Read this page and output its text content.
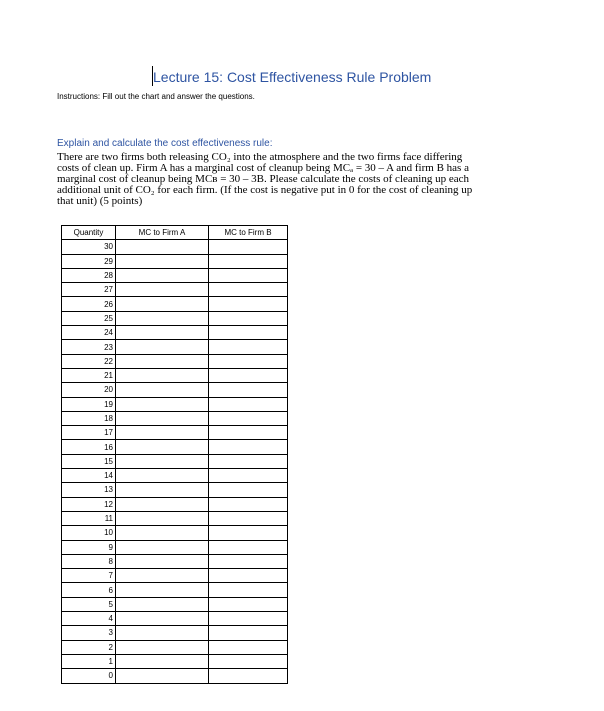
Lecture 15: Cost Effectiveness Rule Problem
Instructions: Fill out the chart and answer the questions.
Explain and calculate the cost effectiveness rule:
There are two firms both releasing CO₂ into the atmosphere and the two firms face differing
costs of clean up. Firm A has a marginal cost of cleanup being MCₐ = 30 – A and firm B has a
marginal cost of cleanup being MCʙ = 30 – 3B. Please calculate the costs of cleaning up each
additional unit of CO₂ for each firm. (If the cost is negative put in 0 for the cost of cleaning up
that unit) (5 points)
Quantity	MC to Firm A	MC to Firm B
30		
29		
28		
27		
26		
25		
24		
23		
22		
21		
20		
19		
18		
17		
16		
15		
14		
13		
12		
11		
10		
9		
8		
7		
6		
5		
4		
3		
2		
1		
0		
